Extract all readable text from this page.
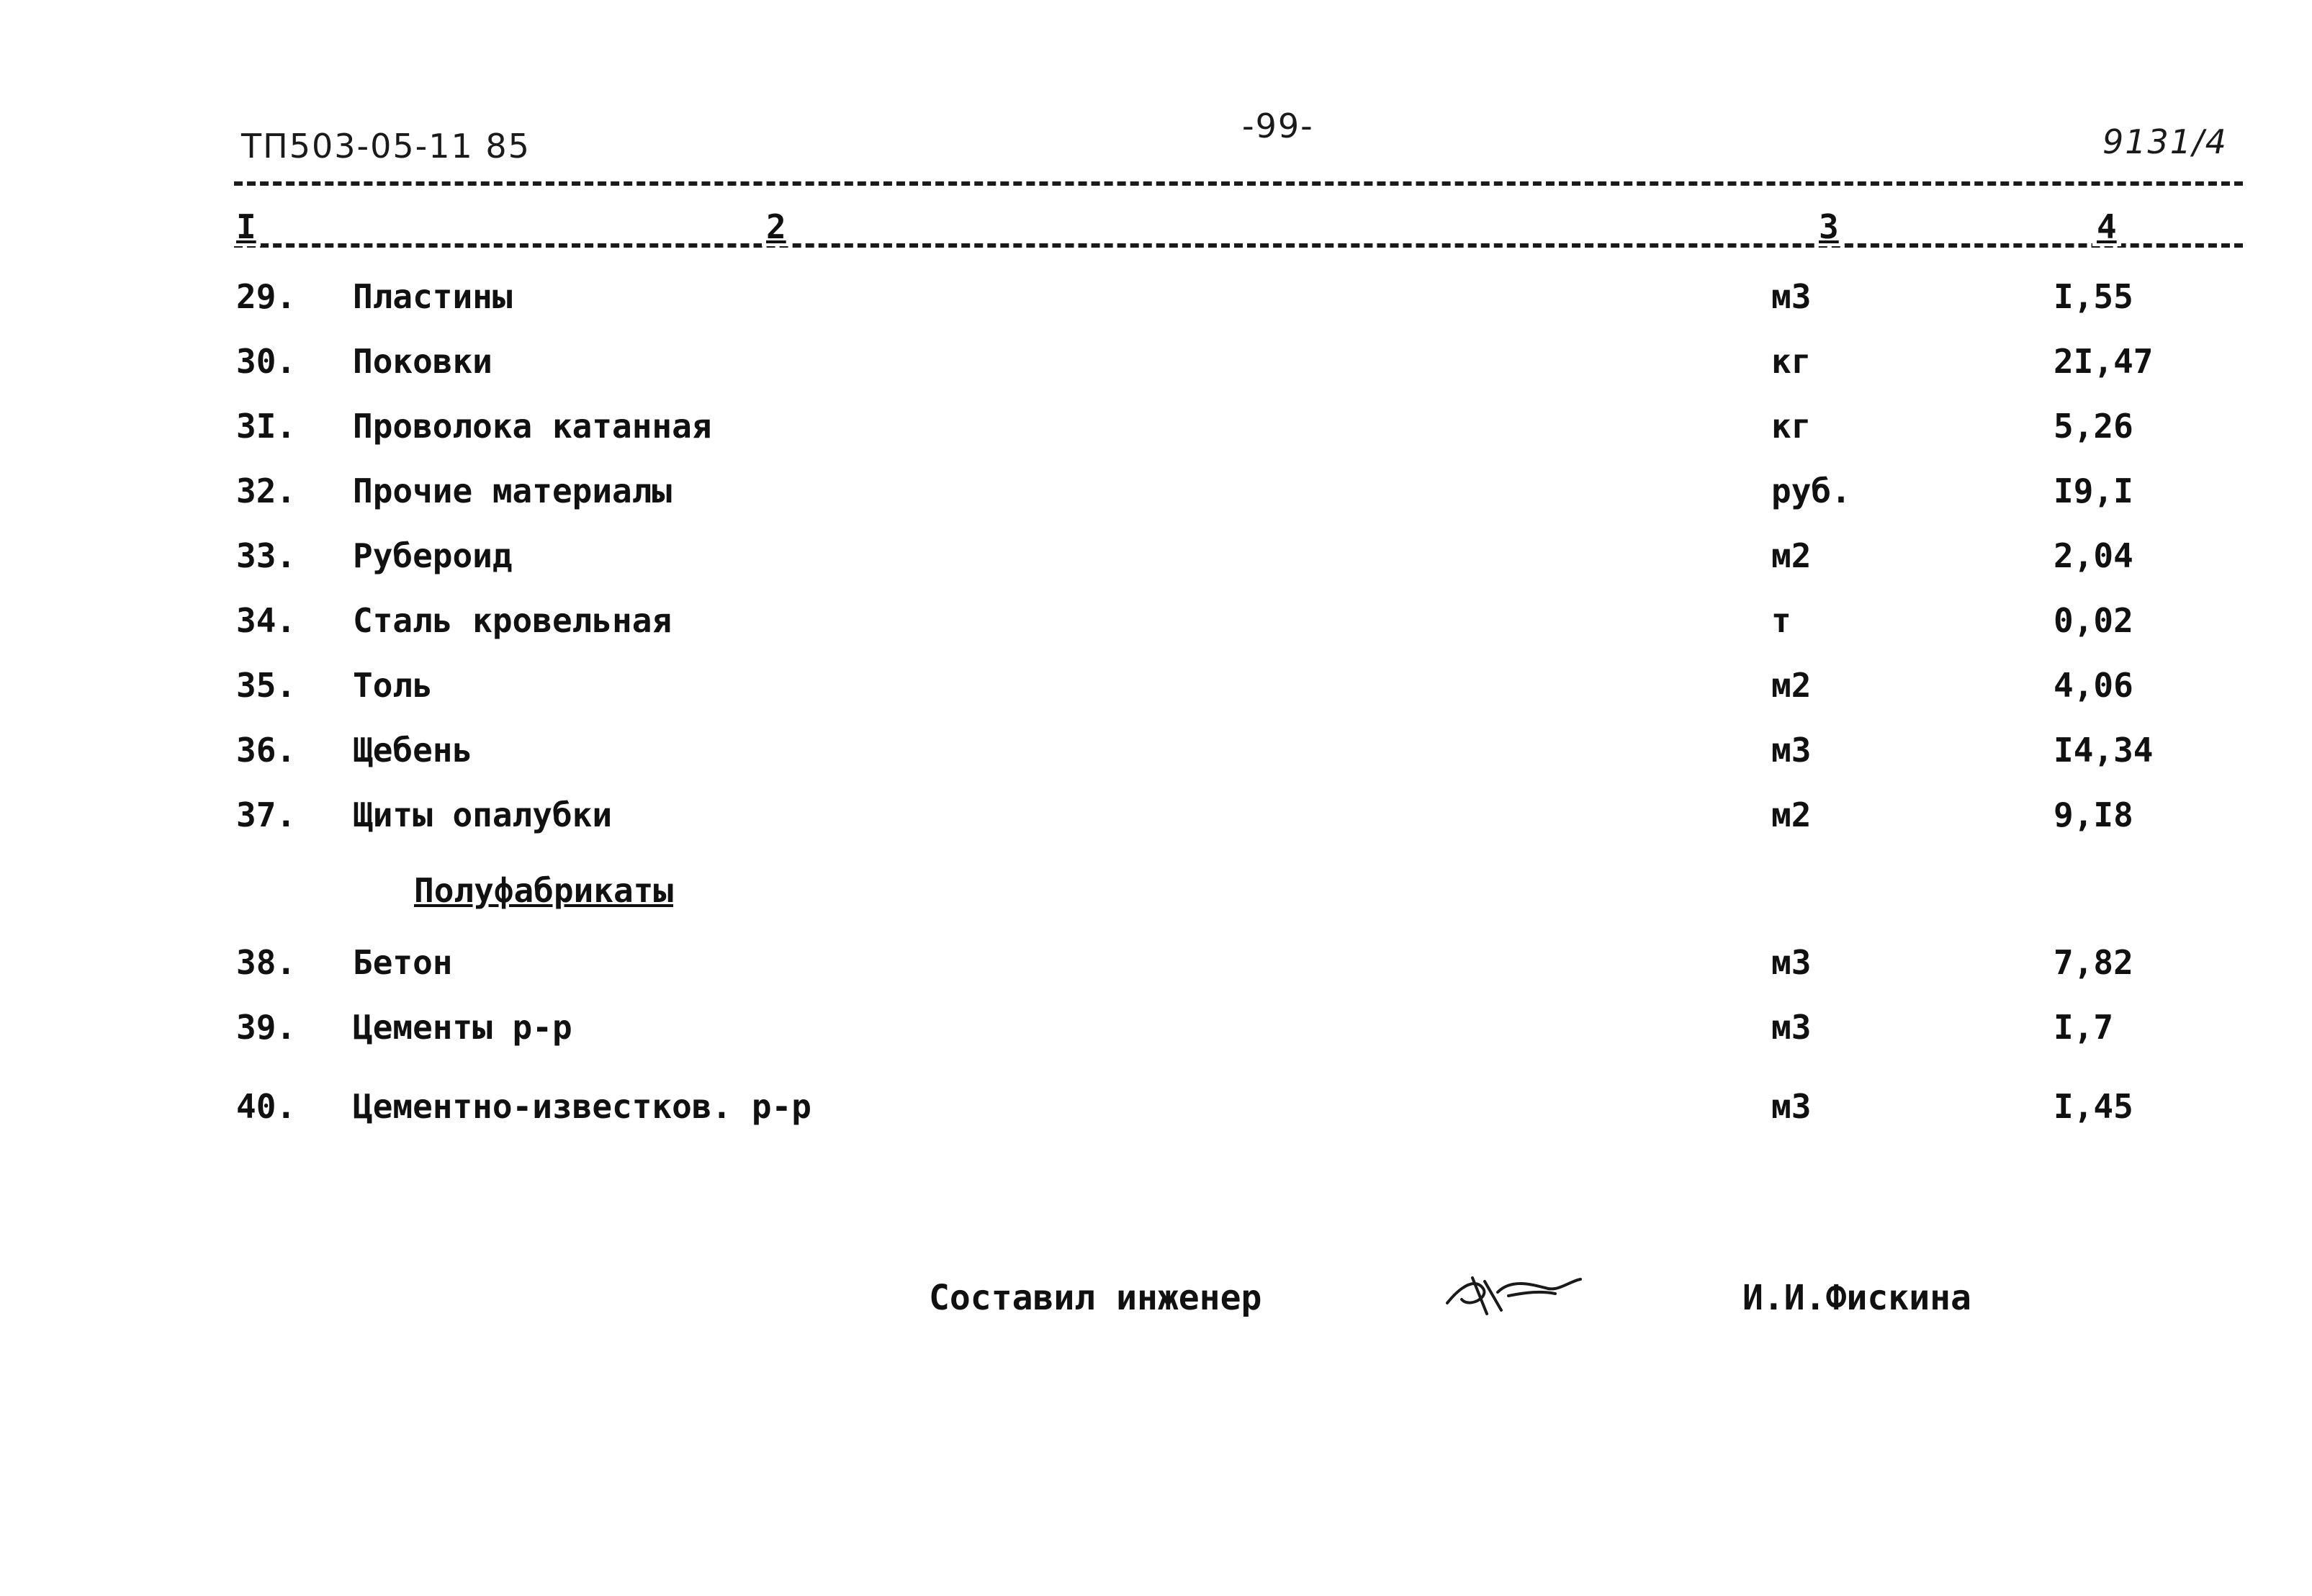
ТП503-05-11 85
-99-	9131/4
I	2	3	4
29. Пластины	м3	I,55
30. Поковки	кг	2I,47
3I. Проволока катанная	кг	5,26
32. Прочие материалы	руб.	I9,I
33. Рубероид	м2	2,04
34. Сталь кровельная	т	0,02
35. Толь	м2	4,06
36. Щебень	м3	I4,34
37. Щиты опалубки	м2	9,I8
Полуфабрикаты
38. Бетон	м3	7,82
39. Цементы р-р	м3	I,7
40. Цементно-известков. р-р	м3	I,45
Составил инженер	И.И.Фискина
